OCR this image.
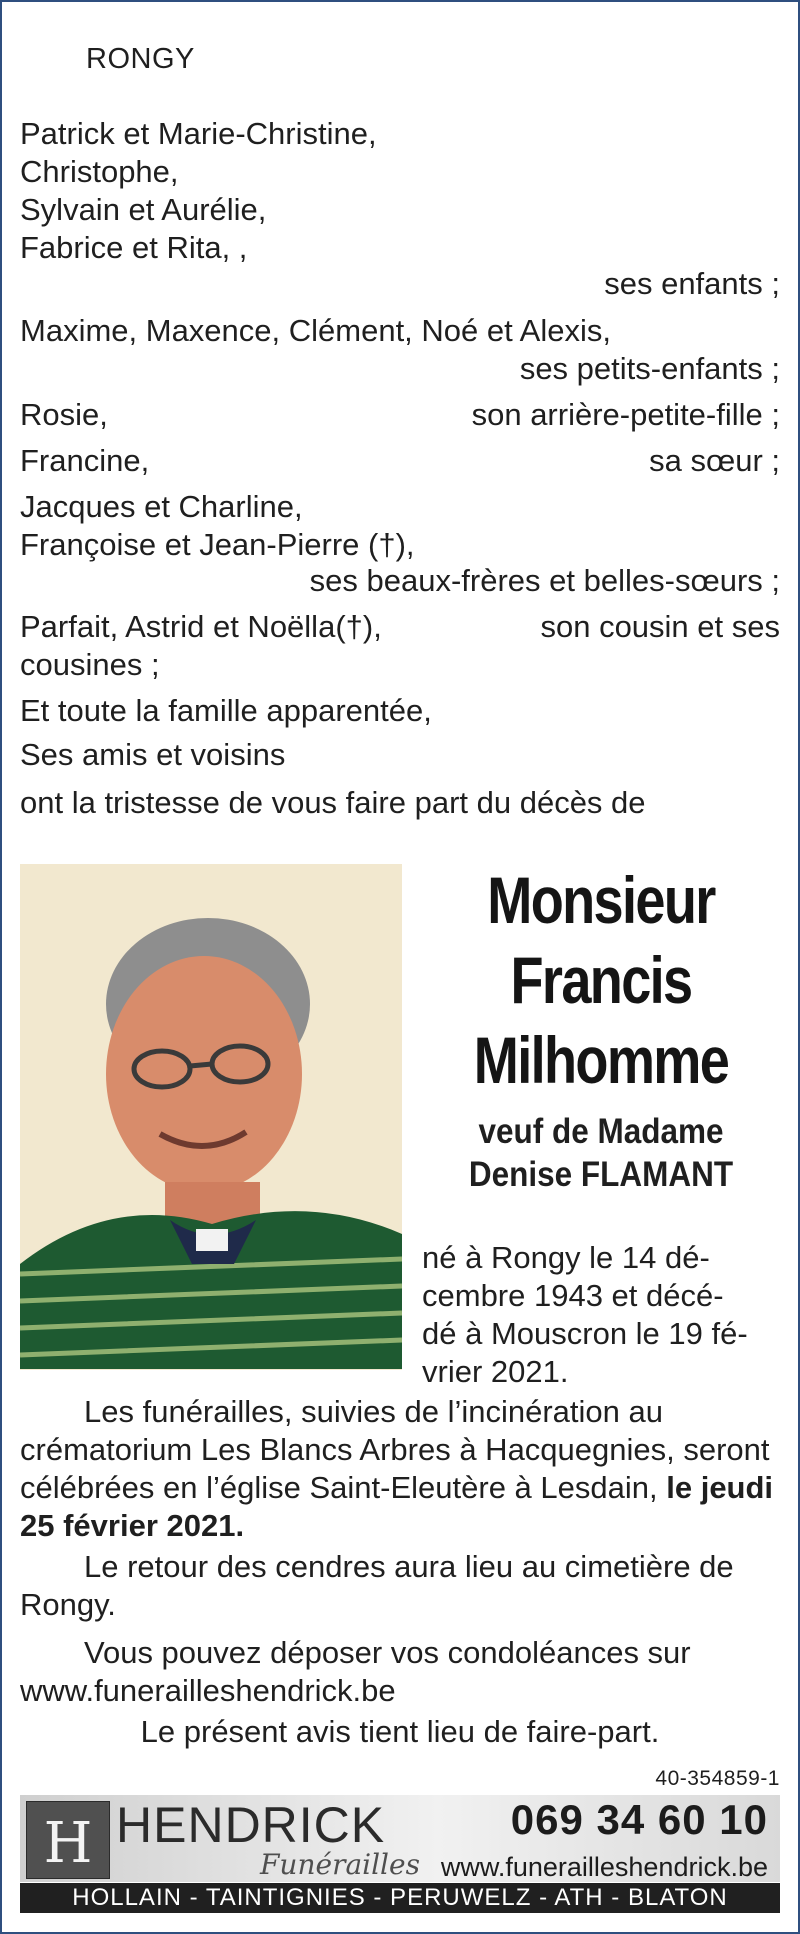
RONGY
Patrick et Marie-Christine,
Christophe,
Sylvain et Aurélie,
Fabrice et Rita, ,
ses enfants ;
Maxime, Maxence, Clément, Noé et Alexis,
ses petits-enfants ;
Rosie,	son arrière-petite-fille ;
Francine,	sa sœur ;
Jacques et Charline,
Françoise et Jean-Pierre (†),
ses beaux-frères et belles-sœurs ;
Parfait, Astrid et Noëlla(†),	son cousin et ses
cousines ;
Et toute la famille apparentée,
Ses amis et voisins
ont la tristesse de vous faire part du décès de
Monsieur
Francis
Milhomme
veuf de Madame
Denise FLAMANT
né à Rongy le 14 dé-
cembre 1943 et décé-
dé à Mouscron le 19 fé-
vrier 2021.
Les funérailles, suivies de l’incinération au crématorium Les Blancs Arbres à Hacquegnies, seront célébrées en l’église Saint-Eleutère à Lesdain, le jeudi 25 février 2021.
Le retour des cendres aura lieu au cimetière de Rongy.
Vous pouvez déposer vos condoléances sur www.funerailleshendrick.be
Le présent avis tient lieu de faire-part.
40-354859-1
H HENDRICK
Funérailles
069 34 60 10
www.funerailleshendrick.be
HOLLAIN - TAINTIGNIES - PERUWELZ - ATH - BLATON
